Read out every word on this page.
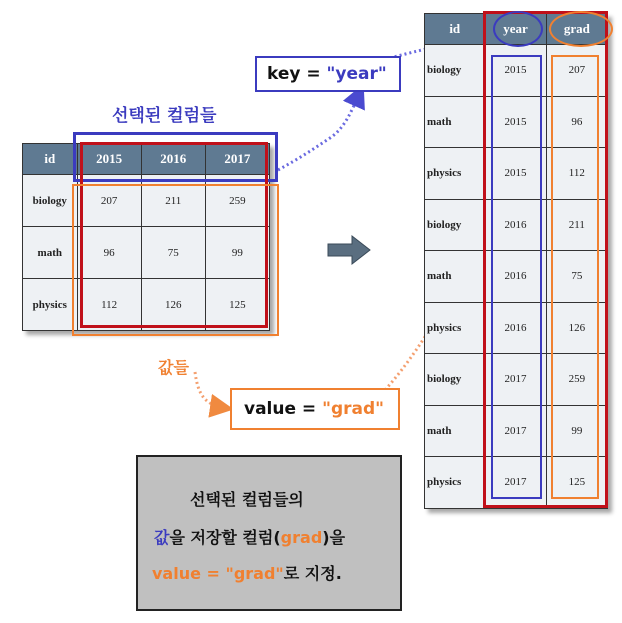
id	2015	2016	2017
biology	207	211	259
math	96	75	99
physics	112	126	125
선택된 컬럼들
값들
key = "year"
value = "grad"
id	year	grad
biology	2015	207
math	2015	96
physics	2015	112
biology	2016	211
math	2016	75
physics	2016	126
biology	2017	259
math	2017	99
physics	2017	125
선택된 컬럼들의
값을 저장할 컬럼(grad)을
value = "grad"로 지정.
